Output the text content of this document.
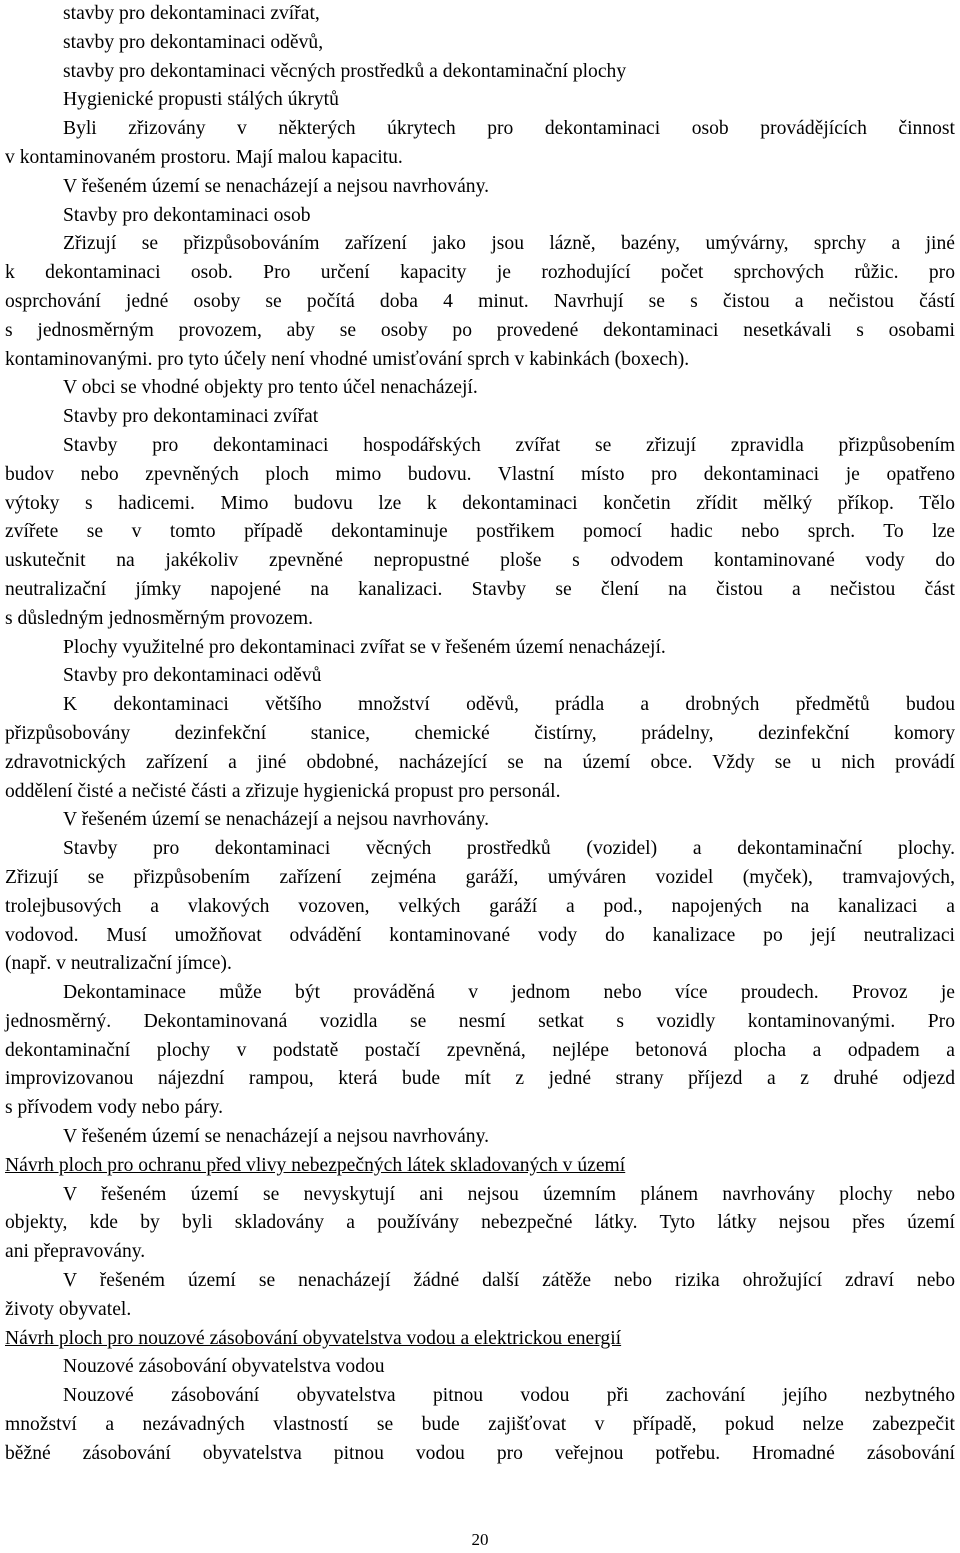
stavby pro dekontaminaci zvířat,
stavby pro dekontaminaci oděvů,
stavby pro dekontaminaci věcných prostředků a dekontaminační plochy
Hygienické propusti stálých úkrytů
Byli zřizovány v některých úkrytech pro dekontaminaci osob provádějících činnost
v kontaminovaném prostoru. Mají malou kapacitu.
V řešeném území se nenacházejí a nejsou navrhovány.
Stavby pro dekontaminaci osob
Zřizují se přizpůsobováním zařízení jako jsou lázně, bazény, umývárny, sprchy a jiné
k dekontaminaci osob. Pro určení kapacity je rozhodující počet sprchových růžic. pro
osprchování jedné osoby se počítá doba 4 minut. Navrhují se s čistou a nečistou částí
s jednosměrným provozem, aby se osoby po provedené dekontaminaci nesetkávali s osobami
kontaminovanými. pro tyto účely není vhodné umisťování sprch v kabinkách (boxech).
V obci se vhodné objekty pro tento účel nenacházejí.
Stavby pro dekontaminaci zvířat
Stavby pro dekontaminaci hospodářských zvířat se zřizují zpravidla přizpůsobením
budov nebo zpevněných ploch mimo budovu. Vlastní místo pro dekontaminaci je opatřeno
výtoky s hadicemi. Mimo budovu lze k dekontaminaci končetin zřídit mělký příkop. Tělo
zvířete se v tomto případě dekontaminuje postřikem pomocí hadic nebo sprch. To lze
uskutečnit na jakékoliv zpevněné nepropustné ploše s odvodem kontaminované vody do
neutralizační jímky napojené na kanalizaci. Stavby se člení na čistou a nečistou část
s důsledným jednosměrným provozem.
Plochy využitelné pro dekontaminaci zvířat se v řešeném území nenacházejí.
Stavby pro dekontaminaci oděvů
K dekontaminaci většího množství oděvů, prádla a drobných předmětů budou
přizpůsobovány dezinfekční stanice, chemické čistírny, prádelny, dezinfekční komory
zdravotnických zařízení a jiné obdobné, nacházející se na území obce. Vždy se u nich provádí
oddělení čisté a nečisté části a zřizuje hygienická propust pro personál.
V řešeném území se nenacházejí a nejsou navrhovány.
Stavby pro dekontaminaci věcných prostředků (vozidel) a dekontaminační plochy.
Zřizují se přizpůsobením zařízení zejména garáží, umýváren vozidel (myček), tramvajových,
trolejbusových a vlakových vozoven, velkých garáží a pod., napojených na kanalizaci a
vodovod. Musí umožňovat odvádění kontaminované vody do kanalizace po její neutralizaci
(např. v neutralizační jímce).
Dekontaminace může být prováděná v jednom nebo více proudech. Provoz je
jednosměrný. Dekontaminovaná vozidla se nesmí setkat s vozidly kontaminovanými. Pro
dekontaminační plochy v podstatě postačí zpevněná, nejlépe betonová plocha a odpadem a
improvizovanou nájezdní rampou, která bude mít z jedné strany příjezd a z druhé odjezd
s přívodem vody nebo páry.
V řešeném území se nenacházejí a nejsou navrhovány.
Návrh ploch pro ochranu před vlivy nebezpečných látek skladovaných v území
V řešeném území se nevyskytují ani nejsou územním plánem navrhovány plochy nebo
objekty, kde by byli skladovány a používány nebezpečné látky. Tyto látky nejsou přes území
ani přepravovány.
V řešeném území se nenacházejí žádné další zátěže nebo rizika ohrožující zdraví nebo
životy obyvatel.
Návrh ploch pro nouzové zásobování obyvatelstva vodou a elektrickou energií
Nouzové zásobování obyvatelstva vodou
Nouzové zásobování obyvatelstva pitnou vodou při zachování jejího nezbytného
množství a nezávadných vlastností se bude zajišťovat v případě, pokud nelze zabezpečit
běžné zásobování obyvatelstva pitnou vodou pro veřejnou potřebu. Hromadné zásobování
20
